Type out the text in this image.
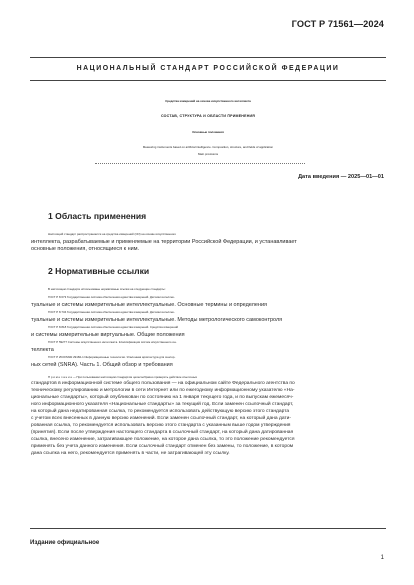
ГОСТ Р 71561—2024
НАЦИОНАЛЬНЫЙ СТАНДАРТ РОССИЙСКОЙ ФЕДЕРАЦИИ
Средства измерений на основе искусственного интеллекта
СОСТАВ, СТРУКТУРА И ОБЛАСТИ ПРИМЕНЕНИЯ
Основные положения
Measuring instruments based on artificial intelligence. Composition, structure, and fields of application
Main provisions
Дата введения — 2025—01—01
1 Область применения
Настоящий стандарт распространяется на средства измерений (СИ) на основе искусственного
интеллекта, разрабатываемые и применяемые на территории Российской Федерации, и устанавливает
основные положения, относящиеся к ним.
2 Нормативные ссылки
В настоящем стандарте использованы нормативные ссылки на следующие стандарты:
ГОСТ Р 8.673 Государственная система обеспечения единства измерений. Датчики интеллек-
туальные и системы измерительные интеллектуальные. Основные термины и определения
ГОСТ Р 8.734 Государственная система обеспечения единства измерений. Датчики интеллек-
туальные и системы измерительные интеллектуальные. Методы метрологического самоконтроля
ГОСТ Р 8.818 Государственная система обеспечения единства измерений. Средства измерений
и системы измерительные виртуальные. Общие положения
ГОСТ Р 59277 Системы искусственного интеллекта. Классификация систем искусственного ин-
теллекта
ГОСТ Р ИСО/МЭК 29182-1 Информационные технологии. Эталонная архитектура для сенсор-
ных сетей (SNRA). Часть 1. Общий обзор и требования
П р и м е ч а н и е — При пользовании настоящим стандартом целесообразно проверить действие ссылочных
стандартов в информационной системе общего пользования — на официальном сайте Федерального агентства по
техническому регулированию и метрологии в сети Интернет или по ежегодному информационному указателю «На-
циональные стандарты», который опубликован по состоянию на 1 января текущего года, и по выпускам ежемесяч-
ного информационного указателя «Национальные стандарты» за текущий год. Если заменен ссылочный стандарт,
на который дана недатированная ссылка, то рекомендуется использовать действующую версию этого стандарта
с учетом всех внесенных в данную версию изменений. Если заменен ссылочный стандарт, на который дана дати-
рованная ссылка, то рекомендуется использовать версию этого стандарта с указанным выше годом утверждения
(принятия). Если после утверждения настоящего стандарта в ссылочный стандарт, на который дана датированная
ссылка, внесено изменение, затрагивающее положение, на которое дана ссылка, то это положение рекомендуется
применять без учета данного изменения. Если ссылочный стандарт отменен без замены, то положение, в котором
дана ссылка на него, рекомендуется применять в части, не затрагивающей эту ссылку.
Издание официальное
1
